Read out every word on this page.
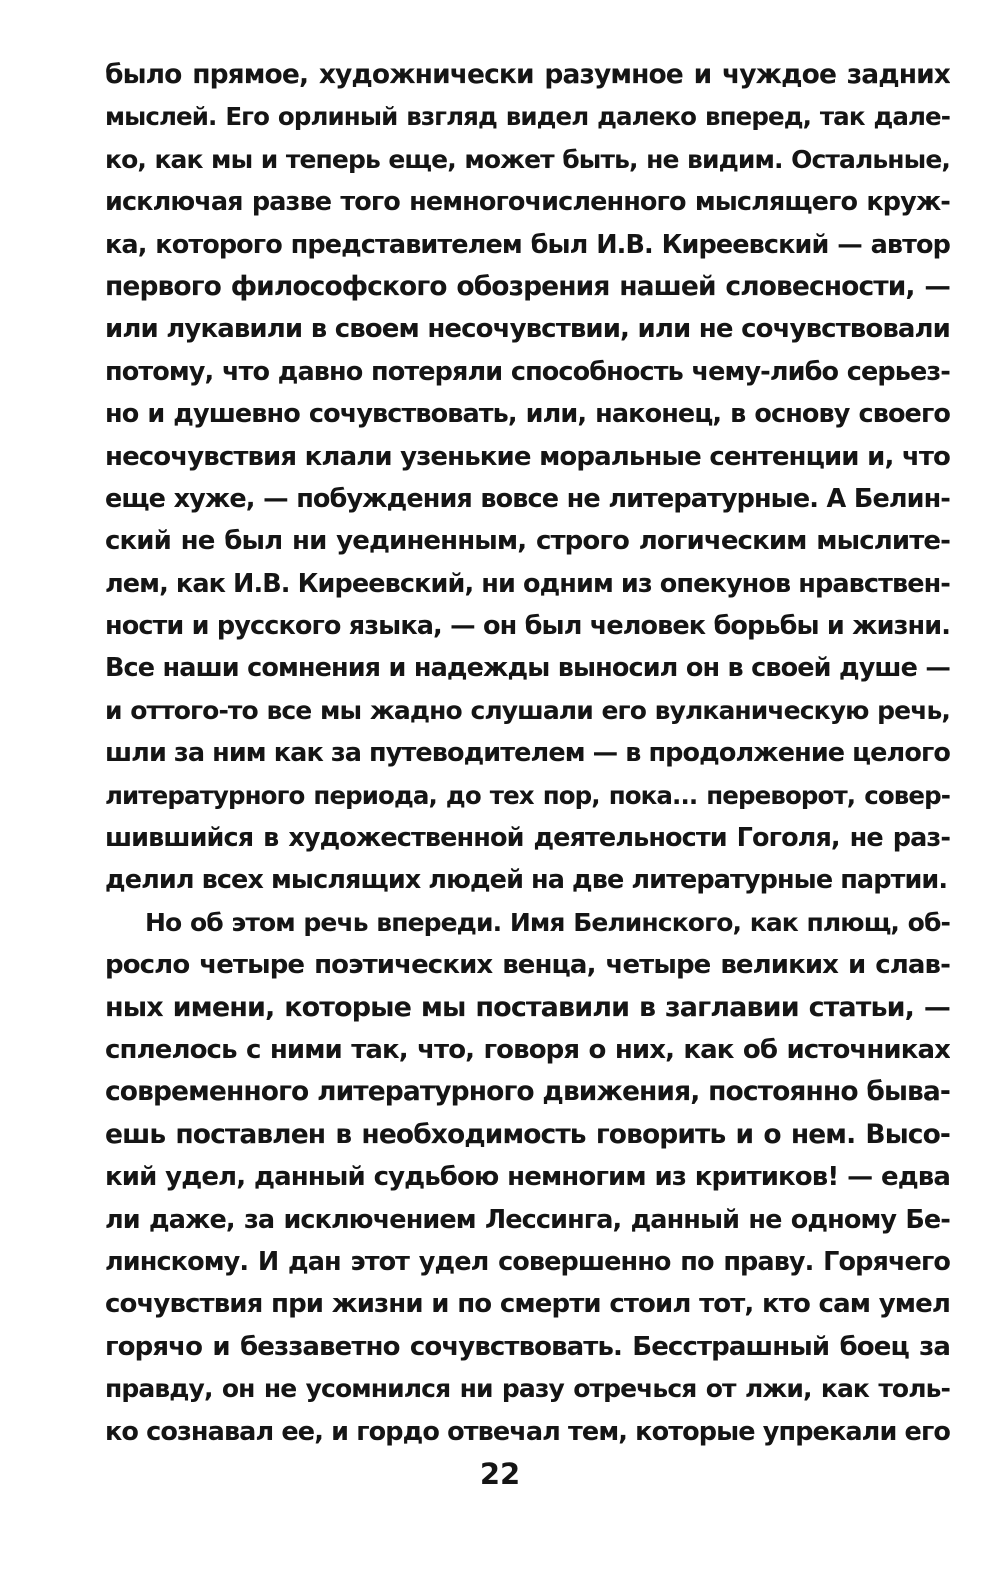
было прямое, художнически разумное и чуждое задних
мыслей. Его орлиный взгляд видел далеко вперед, так дале-
ко, как мы и теперь еще, может быть, не видим. Остальные,
исключая разве того немногочисленного мыслящего круж-
ка, которого представителем был И.В. Киреевский — автор
первого философского обозрения нашей словесности, —
или лукавили в своем несочувствии, или не сочувствовали
потому, что давно потеряли способность чему-либо серьез-
но и душевно сочувствовать, или, наконец, в основу своего
несочувствия клали узенькие моральные сентенции и, что
еще хуже, — побуждения вовсе не литературные. А Белин-
ский не был ни уединенным, строго логическим мыслите-
лем, как И.В. Киреевский, ни одним из опекунов нравствен-
ности и русского языка, — он был человек борьбы и жизни.
Все наши сомнения и надежды выносил он в своей душе —
и оттого-то все мы жадно слушали его вулканическую речь,
шли за ним как за путеводителем — в продолжение целого
литературного периода, до тех пор, пока... переворот, совер-
шившийся в художественной деятельности Гоголя, не раз-
делил всех мыслящих людей на две литературные партии.

Но об этом речь впереди. Имя Белинского, как плющ, об-
росло четыре поэтических венца, четыре великих и слав-
ных имени, которые мы поставили в заглавии статьи, —
сплелось с ними так, что, говоря о них, как об источниках
современного литературного движения, постоянно быва-
ешь поставлен в необходимость говорить и о нем. Высо-
кий удел, данный судьбою немногим из критиков! — едва
ли даже, за исключением Лессинга, данный не одному Бе-
линскому. И дан этот удел совершенно по праву. Горячего
сочувствия при жизни и по смерти стоил тот, кто сам умел
горячо и беззаветно сочувствовать. Бесстрашный боец за
правду, он не усомнился ни разу отречься от лжи, как толь-
ко сознавал ее, и гордо отвечал тем, которые упрекали его

22
